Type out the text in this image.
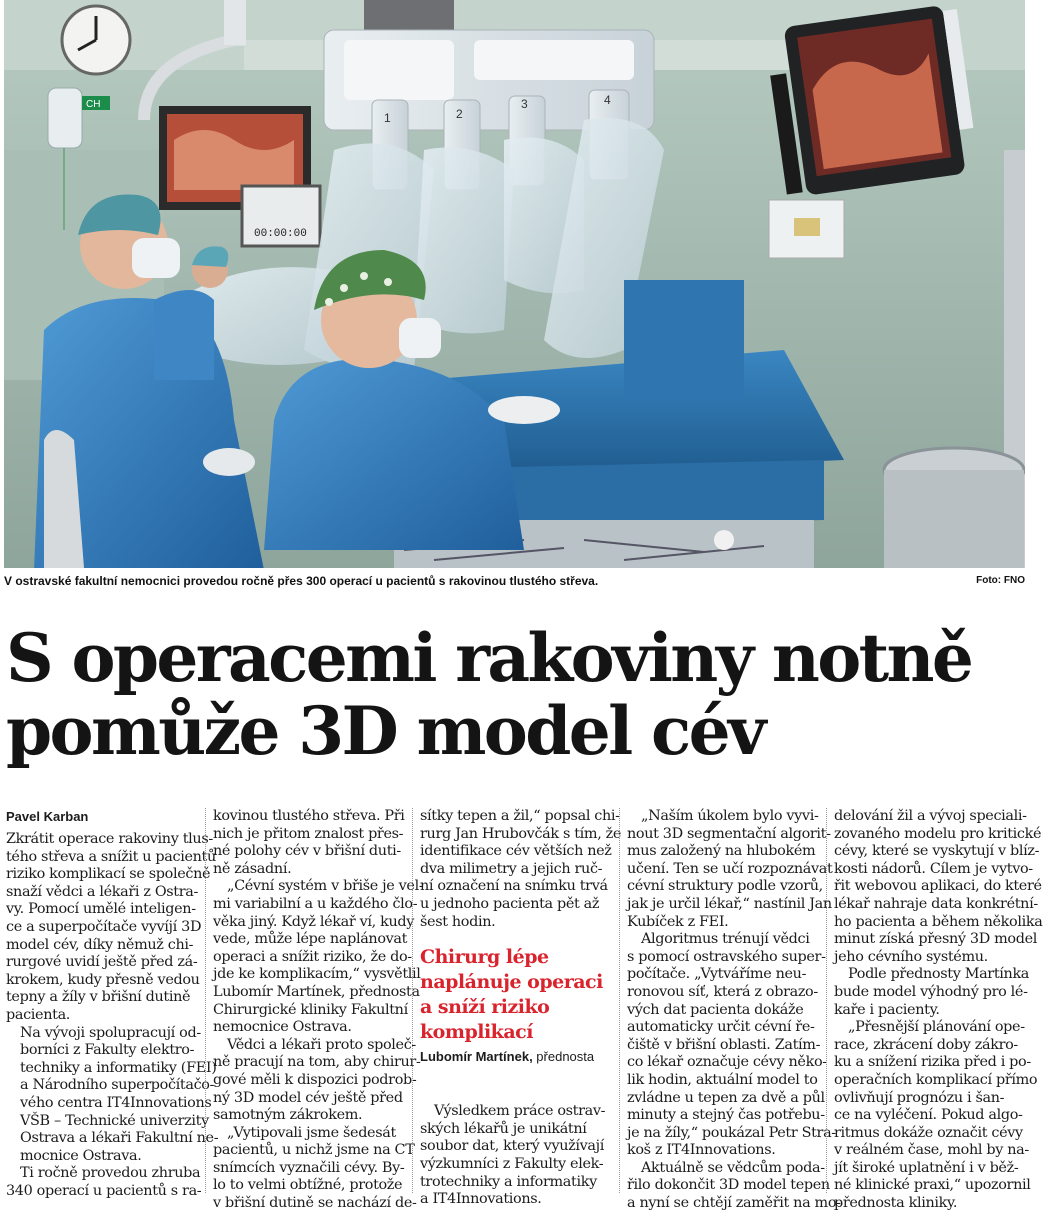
CH
00:00:00
1	2
3	4
V ostravské fakultní nemocnici provedou ročně přes 300 operací u pacientů s rakovinou tlustého střeva.	Foto: FNO
S operacemi rakoviny notně
pomůže 3D model cév
Pavel Karban

Zkrátit operace rakoviny tlus-
tého střeva a snížit u pacientů
riziko komplikací se společně
snaží vědci a lékaři z Ostra-
vy. Pomocí umělé inteligen-
ce a superpočítače vyvíjí 3D
model cév, díky němuž chi-
rurgové uvidí ještě před zá-
krokem, kudy přesně vedou
tepny a žíly v břišní dutině
pacienta.

Na vývoji spolupracují od-
borníci z Fakulty elektro-
techniky a informatiky (FEI)
a Národního superpočítačo-
vého centra IT4Innovations
VŠB – Technické univerzity
Ostrava a lékaři Fakultní ne-
mocnice Ostrava.

Ti ročně provedou zhruba
340 operací u pacientů s ra-

kovinou tlustého střeva. Při
nich je přitom znalost přes-
né polohy cév v břišní duti-
ně zásadní.

„Cévní systém v břiše je vel-
mi variabilní a u každého člo-
věka jiný. Když lékař ví, kudy
vede, může lépe naplánovat
operaci a snížit riziko, že do-
jde ke komplikacím,“ vysvětlil
Lubomír Martínek, přednosta
Chirurgické kliniky Fakultní
nemocnice Ostrava.

Vědci a lékaři proto společ-
ně pracují na tom, aby chirur-
gové měli k dispozici podrob-
ný 3D model cév ještě před
samotným zákrokem.

„Vytipovali jsme šedesát
pacientů, u nichž jsme na CT
snímcích vyznačili cévy. By-
lo to velmi obtížné, protože
v břišní dutině se nachází de-

sítky tepen a žil,“ popsal chi-
rurg Jan Hrubovčák s tím, že
identifikace cév větších než
dva milimetry a jejich ruč-
ní označení na snímku trvá
u jednoho pacienta pět až
šest hodin.

Chirurg lépe
naplánuje operaci
a sníží riziko
komplikací
Lubomír Martínek, přednosta

Výsledkem práce ostrav-
ských lékařů je unikátní
soubor dat, který využívají
výzkumníci z Fakulty elek-
trotechniky a informatiky
a IT4Innovations.

„Naším úkolem bylo vyvi-
nout 3D segmentační algorit-
mus založený na hlubokém
učení. Ten se učí rozpoznávat
cévní struktury podle vzorů,
jak je určil lékař,“ nastínil Jan
Kubíček z FEI.

Algoritmus trénují vědci
s pomocí ostravského super-
počítače. „Vytváříme neu-
ronovou síť, která z obrazo-
vých dat pacienta dokáže
automaticky určit cévní ře-
čiště v břišní oblasti. Zatím-
co lékař označuje cévy něko-
lik hodin, aktuální model to
zvládne u tepen za dvě a půl
minuty a stejný čas potřebu-
je na žíly,“ poukázal Petr Stra-
koš z IT4Innovations.

Aktuálně se vědcům poda-
řilo dokončit 3D model tepen
a nyní se chtějí zaměřit na mo-

delování žil a vývoj speciali-
zovaného modelu pro kritické
cévy, které se vyskytují v blíz-
kosti nádorů. Cílem je vytvo-
řit webovou aplikaci, do které
lékař nahraje data konkrétní-
ho pacienta a během několika
minut získá přesný 3D model
jeho cévního systému.

Podle přednosty Martínka
bude model výhodný pro lé-
kaře i pacienty.

„Přesnější plánování ope-
race, zkrácení doby zákro-
ku a snížení rizika před i po-
operačních komplikací přímo
ovlivňují prognózu i šan-
ce na vyléčení. Pokud algo-
ritmus dokáže označit cévy
v reálném čase, mohl by na-
jít široké uplatnění i v běž-
né klinické praxi,“ upozornil
přednosta kliniky.
